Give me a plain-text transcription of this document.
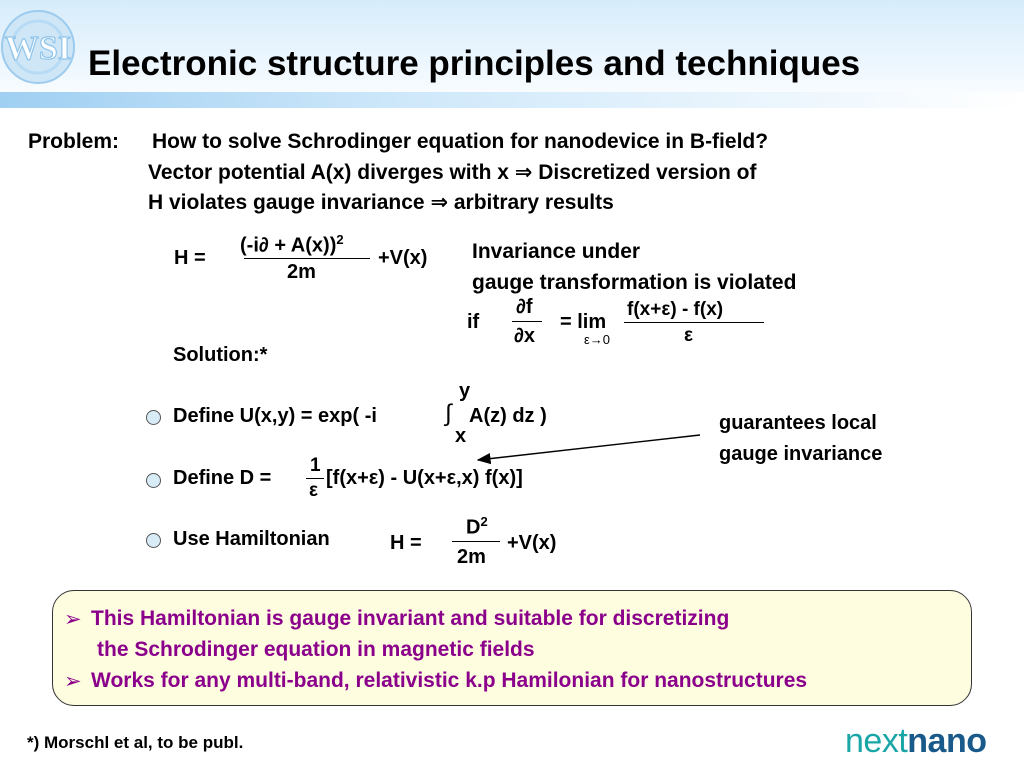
WSI Electronic structure principles and techniques
Problem: How to solve Schrodinger equation for nanodevice in B-field?
Vector potential A(x) diverges with x ⇒ Discretized version of
H violates gauge invariance ⇒ arbitrary results
H =
$(-i\partial + A(x))^2$
2m
+V(x) Invariance under
gauge transformation is violated
if
∂f
∂x
= lim
ε→0
f(x+ε) - f(x)
ε
Solution:*
Define U(x,y) = exp( -i	∫
y
x
A(z) dz )
Define D =
1
ε
[f(x+ε) - U(x+ε,x) f(x)]
guarantees local
gauge invariance
Use Hamiltonian	H =
$D^2$
2m
+V(x)
➢ This Hamiltonian is gauge invariant and suitable for discretizing
the Schrodinger equation in magnetic fields
➢ Works for any multi-band, relativistic k.p Hamilonian for nanostructures
*) Morschl et al, to be publ.	nextnano
